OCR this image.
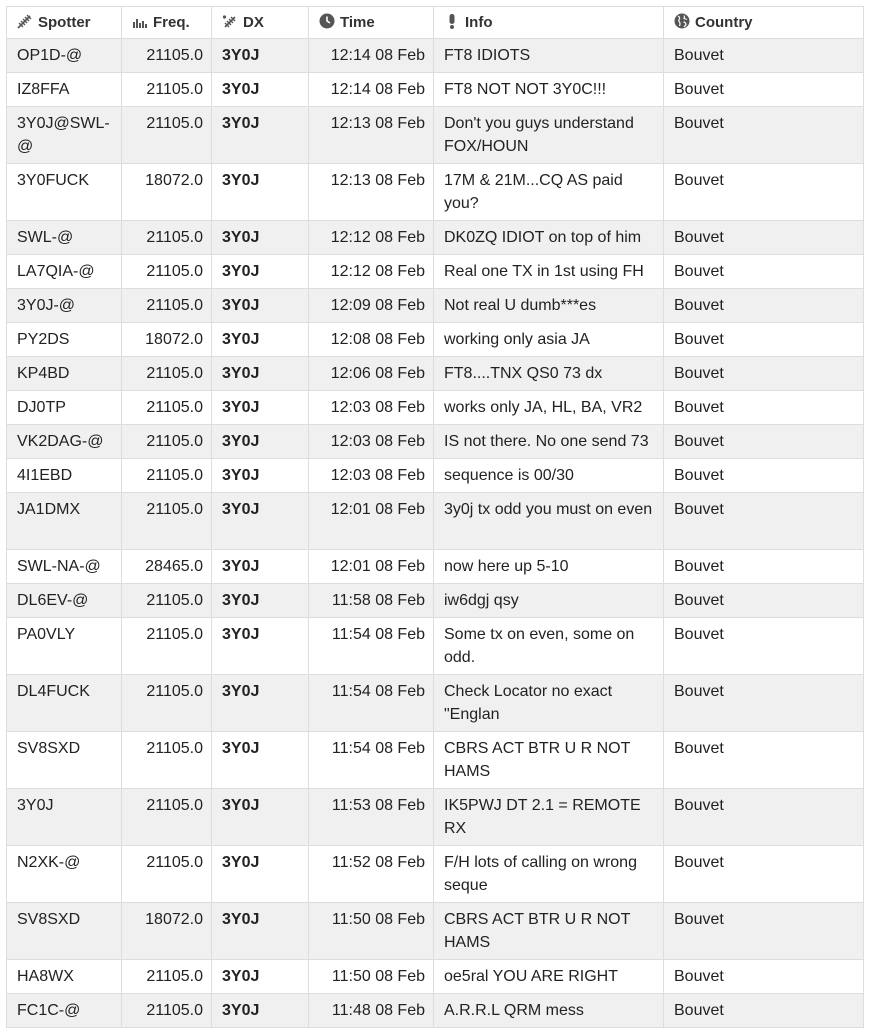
Spotter	Freq.	DX	Time	Info	Country
OP1D-@	21105.0	3Y0J	12:14 08 Feb	FT8 IDIOTS	Bouvet
IZ8FFA	21105.0	3Y0J	12:14 08 Feb	FT8 NOT NOT 3Y0C!!!	Bouvet
3Y0J@SWL-@	21105.0	3Y0J	12:13 08 Feb	Don't you guys understand FOX/HOUN	Bouvet
3Y0FUCK	18072.0	3Y0J	12:13 08 Feb	17M & 21M...CQ AS paid you?	Bouvet
SWL-@	21105.0	3Y0J	12:12 08 Feb	DK0ZQ IDIOT on top of him	Bouvet
LA7QIA-@	21105.0	3Y0J	12:12 08 Feb	Real one TX in 1st using FH	Bouvet
3Y0J-@	21105.0	3Y0J	12:09 08 Feb	Not real U dumb***es	Bouvet
PY2DS	18072.0	3Y0J	12:08 08 Feb	working only asia JA	Bouvet
KP4BD	21105.0	3Y0J	12:06 08 Feb	FT8....TNX QS0 73 dx	Bouvet
DJ0TP	21105.0	3Y0J	12:03 08 Feb	works only JA, HL, BA, VR2	Bouvet
VK2DAG-@	21105.0	3Y0J	12:03 08 Feb	IS not there. No one send 73	Bouvet
4I1EBD	21105.0	3Y0J	12:03 08 Feb	sequence is 00/30	Bouvet
JA1DMX	21105.0	3Y0J	12:01 08 Feb	3y0j tx odd you must on even	Bouvet
SWL-NA-@	28465.0	3Y0J	12:01 08 Feb	now here up 5-10	Bouvet
DL6EV-@	21105.0	3Y0J	11:58 08 Feb	iw6dgj qsy	Bouvet
PA0VLY	21105.0	3Y0J	11:54 08 Feb	Some tx on even, some on odd.	Bouvet
DL4FUCK	21105.0	3Y0J	11:54 08 Feb	Check Locator no exact "Englan	Bouvet
SV8SXD	21105.0	3Y0J	11:54 08 Feb	CBRS ACT BTR U R NOT HAMS	Bouvet
3Y0J	21105.0	3Y0J	11:53 08 Feb	IK5PWJ DT 2.1 = REMOTE RX	Bouvet
N2XK-@	21105.0	3Y0J	11:52 08 Feb	F/H lots of calling on wrong seque	Bouvet
SV8SXD	18072.0	3Y0J	11:50 08 Feb	CBRS ACT BTR U R NOT HAMS	Bouvet
HA8WX	21105.0	3Y0J	11:50 08 Feb	oe5ral YOU ARE RIGHT	Bouvet
FC1C-@	21105.0	3Y0J	11:48 08 Feb	A.R.R.L QRM mess	Bouvet
